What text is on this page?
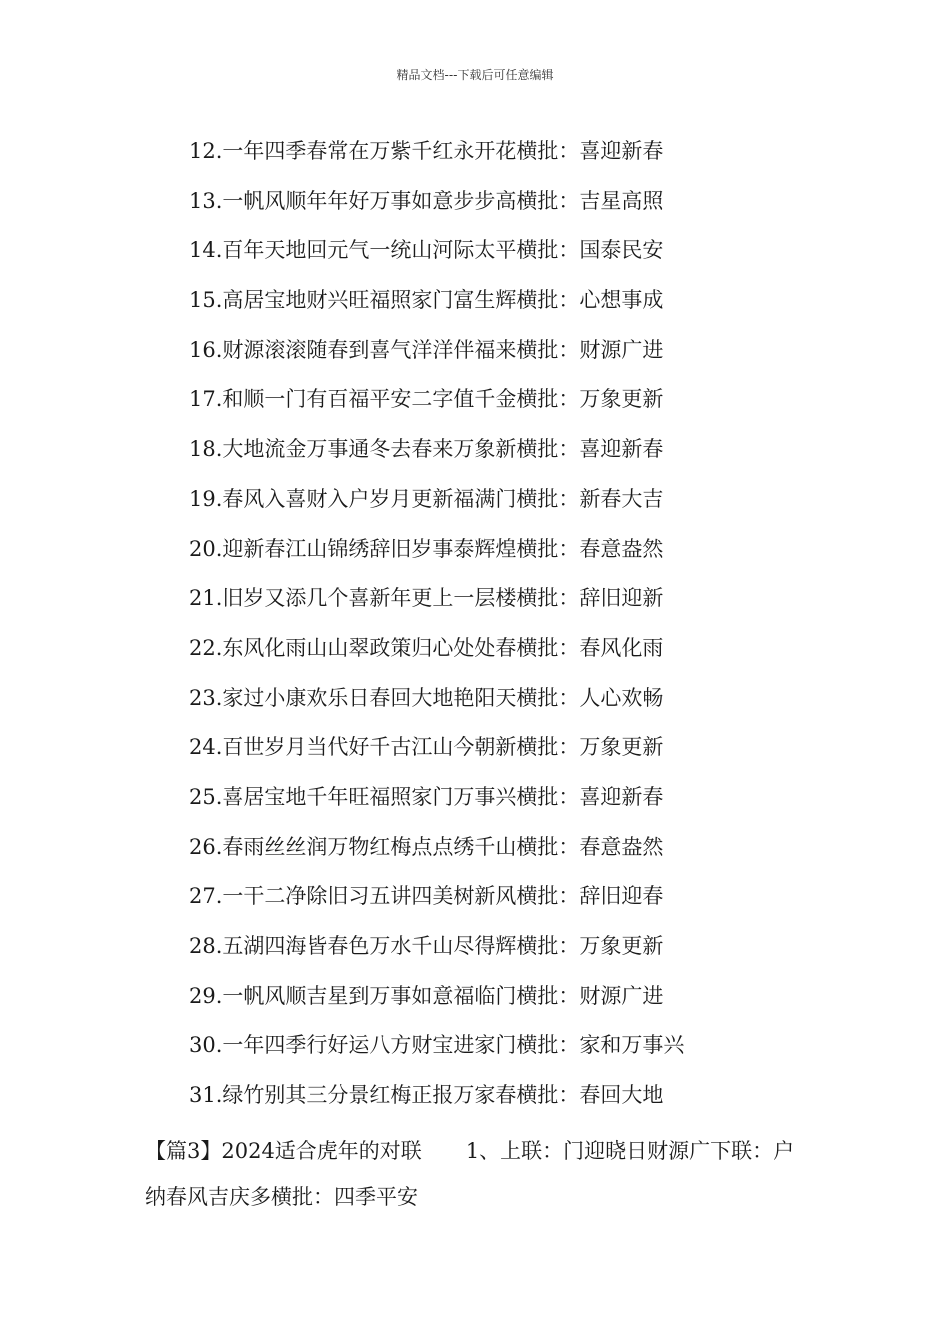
精品文档---下载后可任意编辑
12.一年四季春常在万紫千红永开花横批：喜迎新春
13.一帆风顺年年好万事如意步步高横批：吉星高照
14.百年天地回元气一统山河际太平横批：国泰民安
15.高居宝地财兴旺福照家门富生辉横批：心想事成
16.财源滚滚随春到喜气洋洋伴福来横批：财源广进
17.和顺一门有百福平安二字值千金横批：万象更新
18.大地流金万事通冬去春来万象新横批：喜迎新春
19.春风入喜财入户岁月更新福满门横批：新春大吉
20.迎新春江山锦绣辞旧岁事泰辉煌横批：春意盎然
21.旧岁又添几个喜新年更上一层楼横批：辞旧迎新
22.东风化雨山山翠政策归心处处春横批：春风化雨
23.家过小康欢乐日春回大地艳阳天横批：人心欢畅
24.百世岁月当代好千古江山今朝新横批：万象更新
25.喜居宝地千年旺福照家门万事兴横批：喜迎新春
26.春雨丝丝润万物红梅点点绣千山横批：春意盎然
27.一干二净除旧习五讲四美树新风横批：辞旧迎春
28.五湖四海皆春色万水千山尽得辉横批：万象更新
29.一帆风顺吉星到万事如意福临门横批：财源广进
30.一年四季行好运八方财宝进家门横批：家和万事兴
31.绿竹别其三分景红梅正报万家春横批：春回大地

【篇3】2024适合虎年的对联 1、上联：门迎晓日财源广下联：户纳春风吉庆多横批：四季平安
